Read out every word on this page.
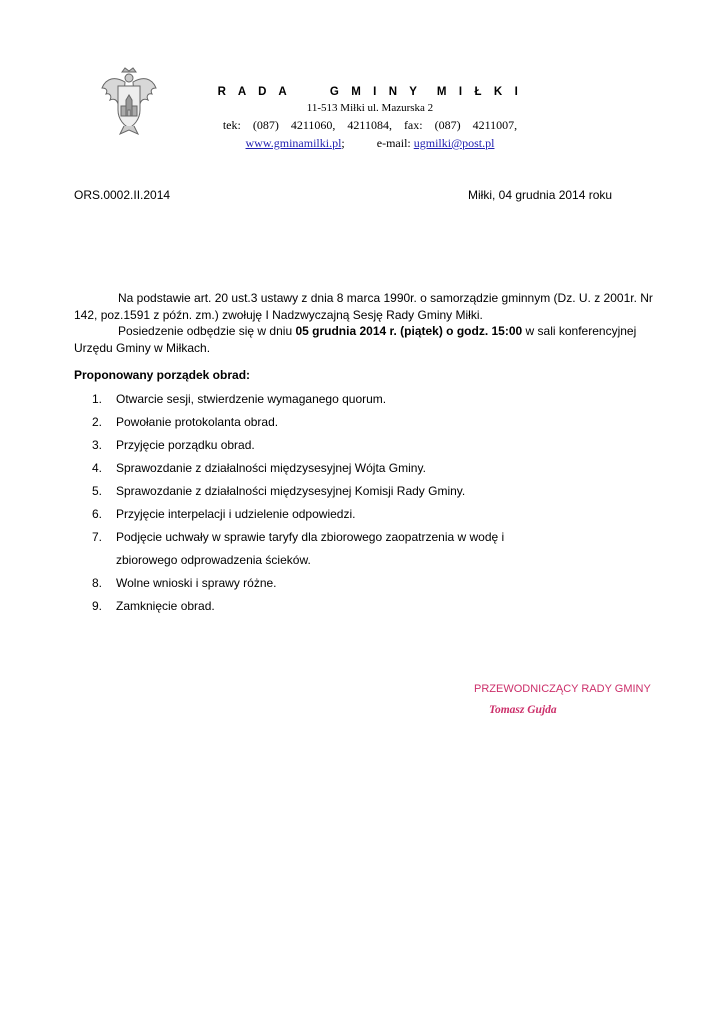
R A D A     G M I N Y  M I Ł K I
11-513 Miłki ul. Mazurska 2
tek:  (087)  4211060,  4211084,  fax:  (087)  4211007,
www.gminamilki.pl;	e-mail: ugmilki@post.pl
ORS.0002.II.2014	Miłki, 04 grudnia 2014 roku

Na podstawie art. 20 ust.3 ustawy z dnia 8 marca 1990r. o samorządzie gminnym (Dz. U. z 2001r. Nr 142, poz.1591 z późn. zm.) zwołuję I Nadzwyczajną Sesję Rady Gminy Miłki.

Posiedzenie odbędzie się w dniu 05 grudnia 2014 r. (piątek) o godz. 15:00 w sali konferencyjnej Urzędu Gminy w Miłkach.

Proponowany porządek obrad:
1. Otwarcie sesji, stwierdzenie wymaganego quorum.
2. Powołanie protokolanta obrad.
3. Przyjęcie porządku obrad.
4. Sprawozdanie z działalności międzysesyjnej Wójta Gminy.
5. Sprawozdanie z działalności międzysesyjnej Komisji Rady Gminy.
6. Przyjęcie interpelacji i udzielenie odpowiedzi.
7. Podjęcie uchwały w sprawie taryfy dla zbiorowego zaopatrzenia w wodę i
zbiorowego odprowadzenia ścieków.
8. Wolne wnioski i sprawy różne.
9. Zamknięcie obrad.
PRZEWODNICZĄCY RADY GMINY
Tomasz Gujda
